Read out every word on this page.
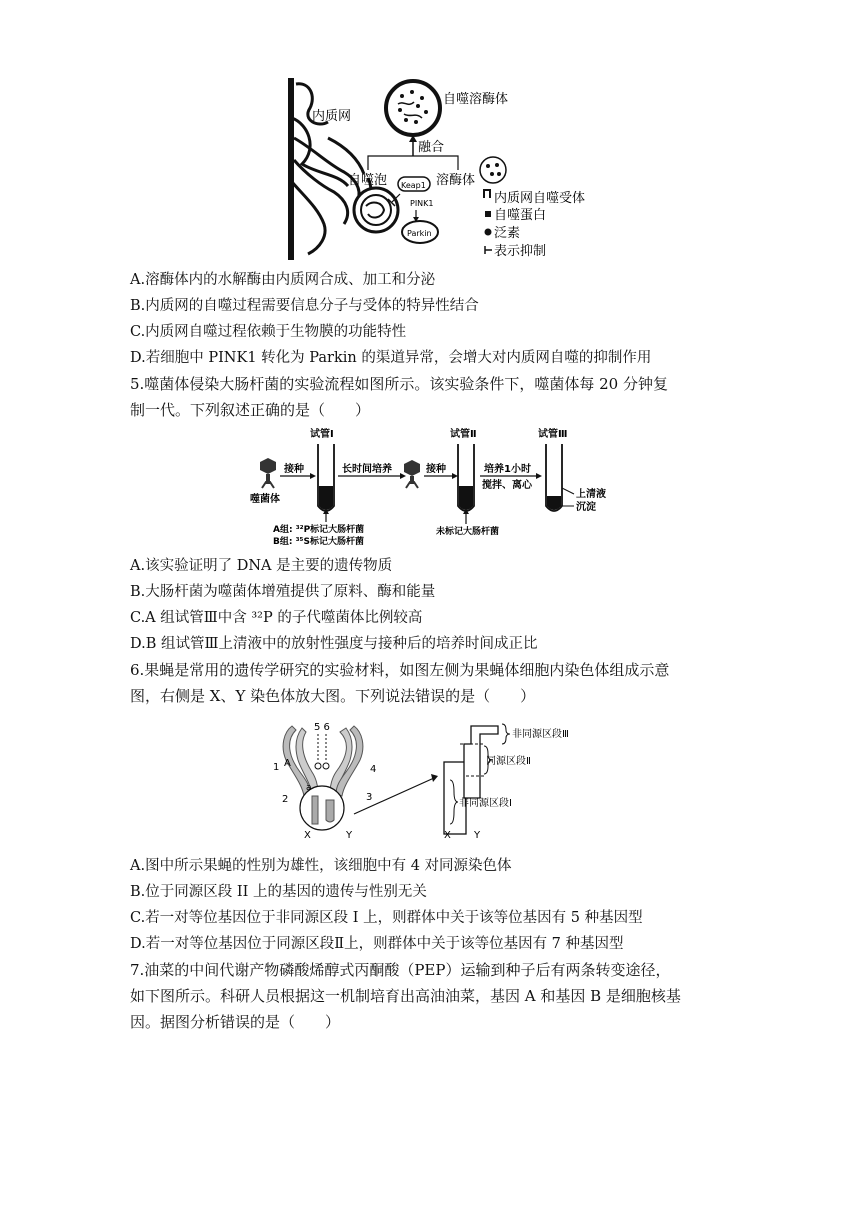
自噬溶酶体
融合
内质网
自噬泡	溶酶体
Keap1
PINK1
Parkin
内质网自噬受体
自噬蛋白
泛素
表示抑制
A.溶酶体内的水解酶由内质网合成、加工和分泌
B.内质网的自噬过程需要信息分子与受体的特异性结合
C.内质网自噬过程依赖于生物膜的功能特性
D.若细胞中 PINK1 转化为 Parkin 的渠道异常，会增大对内质网自噬的抑制作用
5.噬菌体侵染大肠杆菌的实验流程如图所示。该实验条件下，噬菌体每 20 分钟复
制一代。下列叙述正确的是（　　）
噬菌体
接种
试管Ⅰ
A组: ³²P标记大肠杆菌
B组: ³⁵S标记大肠杆菌
长时间培养	接种
试管Ⅱ
未标记大肠杆菌
培养1小时
搅拌、离心
试管Ⅲ
上清液
沉淀
A.该实验证明了 DNA 是主要的遗传物质
B.大肠杆菌为噬菌体增殖提供了原料、酶和能量
C.A 组试管Ⅲ中含 ³²P 的子代噬菌体比例较高
D.B 组试管Ⅲ上清液中的放射性强度与接种后的培养时间成正比
6.果蝇是常用的遗传学研究的实验材料，如图左侧为果蝇体细胞内染色体组成示意
图，右侧是 X、Y 染色体放大图。下列说法错误的是（　　）
5 6
1 A
a
2	3
4
X	Y	X Y
非同源区段Ⅲ
同源区段Ⅱ
非同源区段Ⅰ
A.图中所示果蝇的性别为雄性，该细胞中有 4 对同源染色体
B.位于同源区段 II 上的基因的遗传与性别无关
C.若一对等位基因位于非同源区段 I 上，则群体中关于该等位基因有 5 种基因型
D.若一对等位基因位于同源区段Ⅱ上，则群体中关于该等位基因有 7 种基因型
7.油菜的中间代谢产物磷酸烯醇式丙酮酸（PEP）运输到种子后有两条转变途径，
如下图所示。科研人员根据这一机制培育出高油油菜，基因 A 和基因 B 是细胞核基
因。据图分析错误的是（　　）
